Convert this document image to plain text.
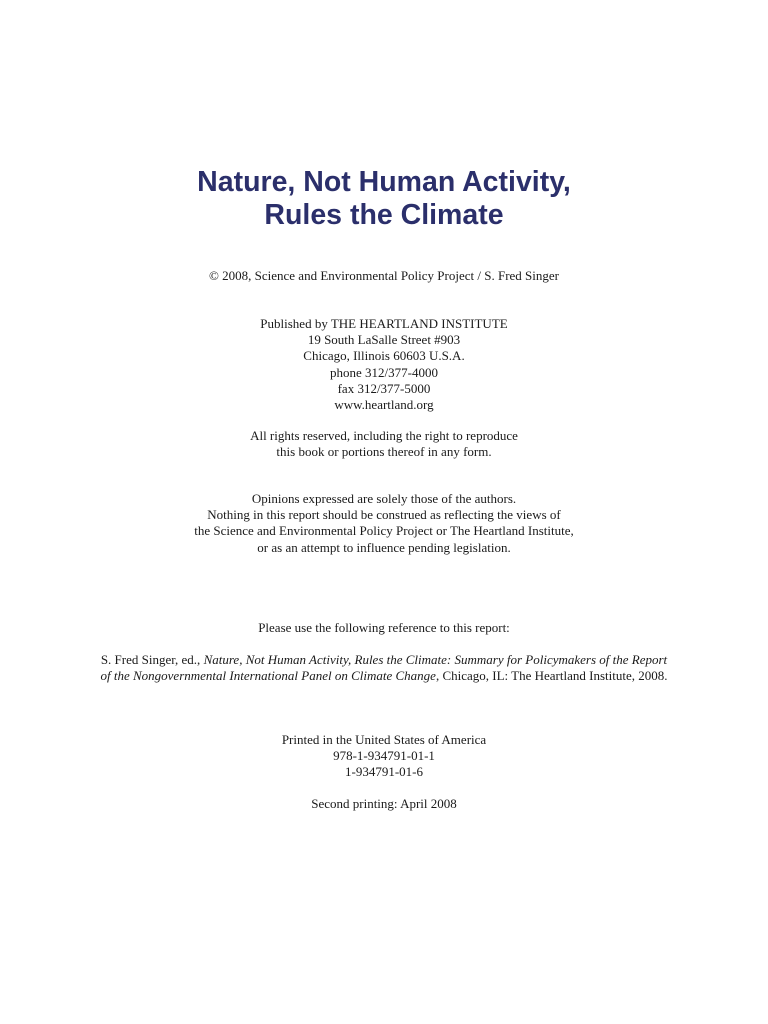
Nature, Not Human Activity,
Rules the Climate
© 2008, Science and Environmental Policy Project / S. Fred Singer
Published by THE HEARTLAND INSTITUTE
19 South LaSalle Street #903
Chicago, Illinois 60603 U.S.A.
phone 312/377-4000
fax 312/377-5000
www.heartland.org
All rights reserved, including the right to reproduce
this book or portions thereof in any form.
Opinions expressed are solely those of the authors.
Nothing in this report should be construed as reflecting the views of
the Science and Environmental Policy Project or The Heartland Institute,
or as an attempt to influence pending legislation.
Please use the following reference to this report:
S. Fred Singer, ed., Nature, Not Human Activity, Rules the Climate: Summary for Policymakers of the Report of the Nongovernmental International Panel on Climate Change, Chicago, IL: The Heartland Institute, 2008.
Printed in the United States of America
978-1-934791-01-1
1-934791-01-6
Second printing: April 2008
